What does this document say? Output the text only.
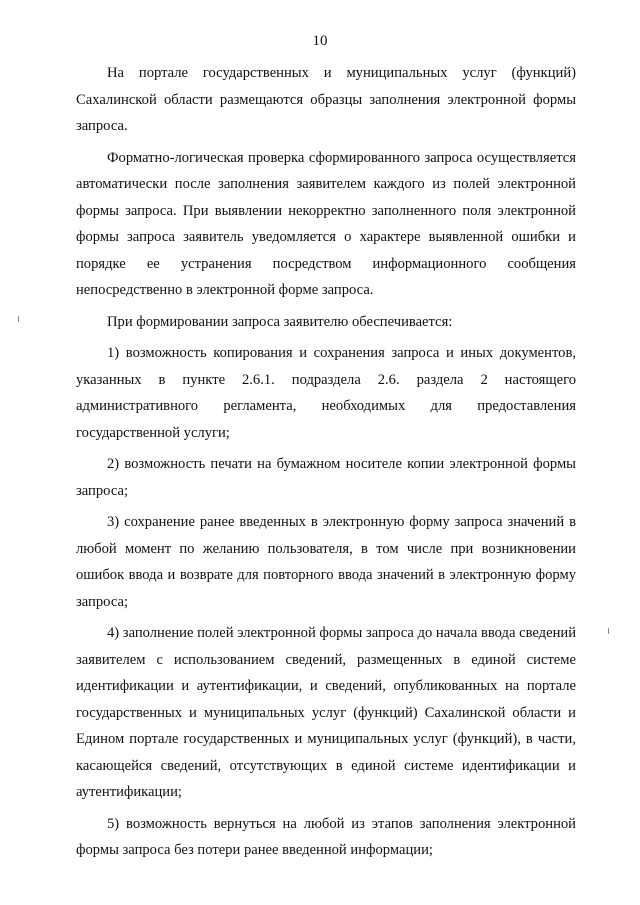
10

На портале государственных и муниципальных услуг (функций) Сахалинской области размещаются образцы заполнения электронной формы запроса.

Форматно-логическая проверка сформированного запроса осуществляется автоматически после заполнения заявителем каждого из полей электронной формы запроса. При выявлении некорректно заполненного поля электронной формы запроса заявитель уведомляется о характере выявленной ошибки и порядке ее устранения посредством информационного сообщения непосредственно в электронной форме запроса.

При формировании запроса заявителю обеспечивается:

1) возможность копирования и сохранения запроса и иных документов, указанных в пункте 2.6.1. подраздела 2.6. раздела 2 настоящего административного регламента, необходимых для предоставления государственной услуги;

2) возможность печати на бумажном носителе копии электронной формы запроса;

3) сохранение ранее введенных в электронную форму запроса значений в любой момент по желанию пользователя, в том числе при возникновении ошибок ввода и возврате для повторного ввода значений в электронную форму запроса;

4) заполнение полей электронной формы запроса до начала ввода сведений заявителем с использованием сведений, размещенных в единой системе идентификации и аутентификации, и сведений, опубликованных на портале государственных и муниципальных услуг (функций) Сахалинской области и Едином портале государственных и муниципальных услуг (функций), в части, касающейся сведений, отсутствующих в единой системе идентификации и аутентификации;

5) возможность вернуться на любой из этапов заполнения электронной формы запроса без потери ранее введенной информации;
